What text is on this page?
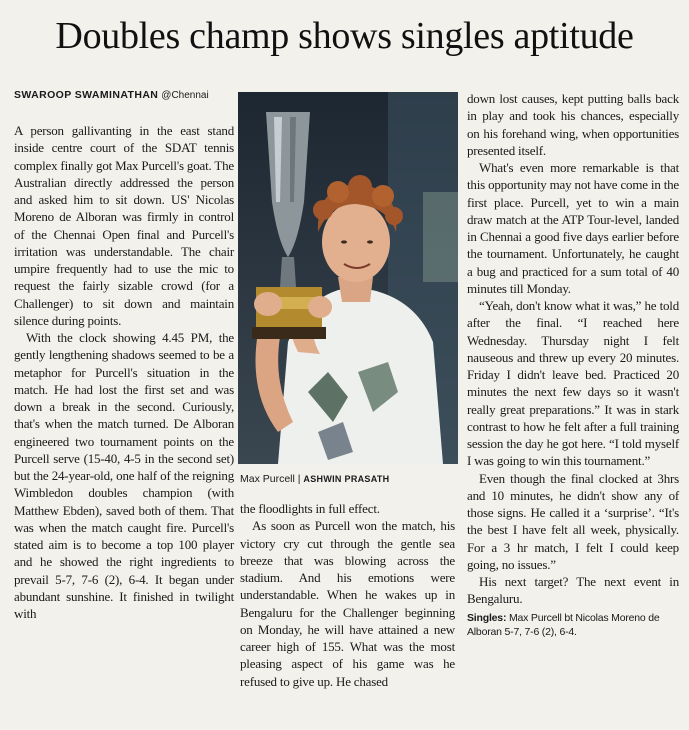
Doubles champ shows singles aptitude
SWAROOP SWAMINATHAN @Chennai

A person gallivanting in the east stand inside centre court of the SDAT tennis complex finally got Max Purcell's goat. The Australian directly addressed the person and asked him to sit down. US' Nicolas Moreno de Alboran was firmly in control of the Chennai Open final and Purcell's irritation was understandable. The chair umpire frequently had to use the mic to request the fairly sizable crowd (for a Challenger) to sit down and maintain silence during points.

With the clock showing 4.45 PM, the gently lengthening shadows seemed to be a metaphor for Purcell's situation in the match. He had lost the first set and was down a break in the second. Curiously, that's when the match turned. De Alboran engineered two tournament points on the Purcell serve (15-40, 4-5 in the second set) but the 24-year-old, one half of the reigning Wimbledon doubles champion (with Matthew Ebden), saved both of them. That was when the match caught fire. Purcell's stated aim is to become a top 100 player and he showed the right ingredients to prevail 5-7, 7-6 (2), 6-4. It began under abundant sunshine. It finished in twilight with

Max Purcell | ASHWIN PRASATH

the floodlights in full effect.

As soon as Purcell won the match, his victory cry cut through the gentle sea breeze that was blowing across the stadium. And his emotions were understandable. When he wakes up in Bengaluru for the Challenger beginning on Monday, he will have attained a new career high of 155. What was the most pleasing aspect of his game was he refused to give up. He chased

down lost causes, kept putting balls back in play and took his chances, especially on his forehand wing, when opportunities presented itself.

What's even more remarkable is that this opportunity may not have come in the first place. Purcell, yet to win a main draw match at the ATP Tour-level, landed in Chennai a good five days earlier before the tournament. Unfortunately, he caught a bug and practiced for a sum total of 40 minutes till Monday.

“Yeah, don't know what it was,” he told after the final. “I reached here Wednesday. Thursday night I felt nauseous and threw up every 20 minutes. Friday I didn't leave bed. Practiced 20 minutes the next few days so it wasn't really great preparations.” It was in stark contrast to how he felt after a full training session the day he got here. “I told myself I was going to win this tournament.”

Even though the final clocked at 3hrs and 10 minutes, he didn't show any of those signs. He called it a ‘surprise’. “It's the best I have felt all week, physically. For a 3 hr match, I felt I could keep going, no issues.”

His next target? The next event in Bengaluru.

Singles: Max Purcell bt Nicolas Moreno de Alboran 5-7, 7-6 (2), 6-4.
